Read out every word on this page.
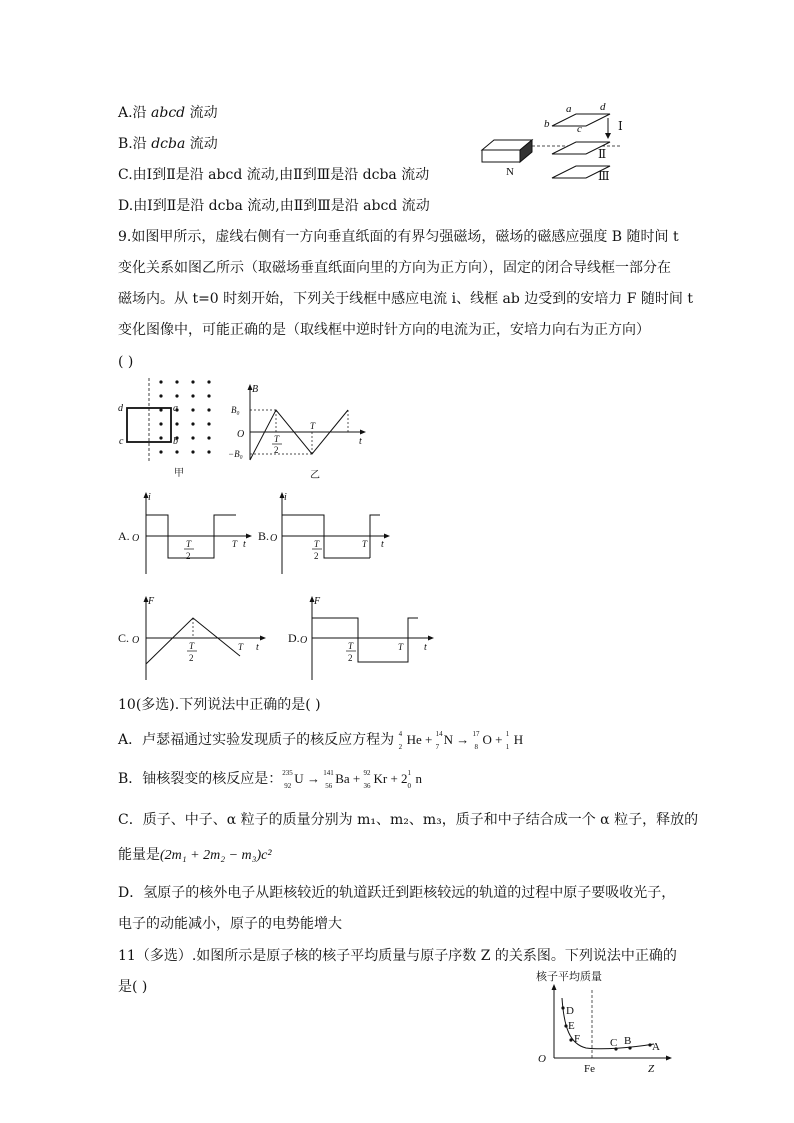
A.沿 abcd 流动
B.沿 dcba 流动
C.由Ⅰ到Ⅱ是沿 abcd 流动,由Ⅱ到Ⅲ是沿 dcba 流动
D.由Ⅰ到Ⅱ是沿 dcba 流动,由Ⅱ到Ⅲ是沿 abcd 流动
a	d
b	c	Ⅰ
Ⅱ
Ⅲ
N
9.如图甲所示，虚线右侧有一方向垂直纸面的有界匀强磁场，磁场的磁感应强度 B 随时间 t
变化关系如图乙所示（取磁场垂直纸面向里的方向为正方向），固定的闭合导线框一部分在
磁场内。从 t=0 时刻开始，下列关于线框中感应电流 i、线框 ab 边受到的安培力 F 随时间 t
变化图像中，可能正确的是（取线框中逆时针方向的电流为正，安培力向右为正方向）
( )
d	a
c	b
甲
B
B₀
−B₀
O	T
2
T
t
乙
A.
i
O	T
2
T t
B.
i
O	T
2
T t
C.
F
O	T
2
T t
D.
F
O	T
2
T t
10(多选).下列说法中正确的是( )
A．卢瑟福通过实验发现质子的核反应方程为 4
2 He + 14
7 N → 17
8 O + 1
1 H
B．铀核裂变的核反应是： 235
92 U → 141
56 Ba + 92
36 Kr + 2 1
0 n
C．质子、中子、α 粒子的质量分别为 m₁、m₂、m₃，质子和中子结合成一个 α 粒子，释放的
能量是(2m₁ + 2m₂ − m₃)c²
D．氢原子的核外电子从距核较近的轨道跃迁到距核较远的轨道的过程中原子要吸收光子，
电子的动能减小，原子的电势能增大
11（多选）.如图所示是原子核的核子平均质量与原子序数 Z 的关系图。下列说法中正确的
是( )
核子平均质量
D
E
F	C B A
O
Fe	Z
